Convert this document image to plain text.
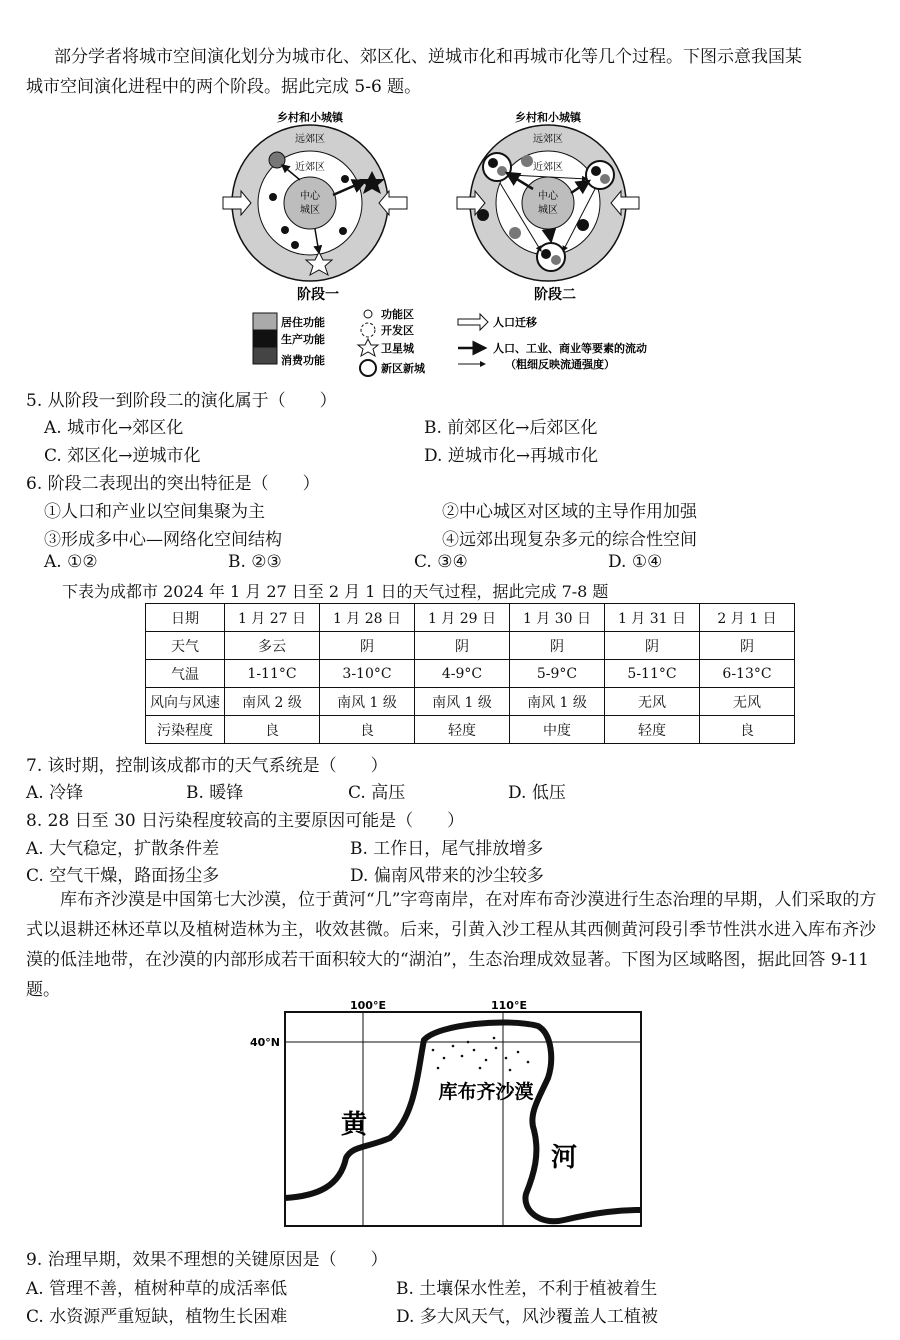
部分学者将城市空间演化划分为城市化、郊区化、逆城市化和再城市化等几个过程。下图示意我国某
城市空间演化进程中的两个阶段。据此完成 5-6 题。
乡村和小城镇
远郊区
近郊区
中心
城区
阶段一
乡村和小城镇
远郊区
近郊区
中心
城区
阶段二
居住功能
生产功能
消费功能
功能区
开发区
卫星城
新区新城
人口迁移
人口、工业、商业等要素的流动
（粗细反映流通强度）
5. 从阶段一到阶段二的演化属于（　　）
A. 城市化→郊区化	B. 前郊区化→后郊区化
C. 郊区化→逆城市化	D. 逆城市化→再城市化
6. 阶段二表现出的突出特征是（　　）
①人口和产业以空间集聚为主	②中心城区对区域的主导作用加强
③形成多中心—网络化空间结构	④远郊出现复杂多元的综合性空间
A. ①②	B. ②③	C. ③④	D. ①④
下表为成都市 2024 年 1 月 27 日至 2 月 1 日的天气过程，据此完成 7-8 题
日期	1 月 27 日	1 月 28 日	1 月 29 日	1 月 30 日	1 月 31 日	2 月 1 日
天气	多云	阴	阴	阴	阴	阴
气温	1-11°C	3-10°C	4-9°C	5-9°C	5-11°C	6-13°C
风向与风速	南风 2 级	南风 1 级	南风 1 级	南风 1 级	无风	无风
污染程度	良	良	轻度	中度	轻度	良
7. 该时期，控制该成都市的天气系统是（　　）
A. 冷锋	B. 暖锋	C. 高压	D. 低压
8. 28 日至 30 日污染程度较高的主要原因可能是（　　）
A. 大气稳定，扩散条件差	B. 工作日，尾气排放增多
C. 空气干燥，路面扬尘多	D. 偏南风带来的沙尘较多
库布齐沙漠是中国第七大沙漠，位于黄河“几”字弯南岸，在对库布奇沙漠进行生态治理的早期，人们采取的方式以退耕还林还草以及植树造林为主，收效甚微。后来，引黄入沙工程从其西侧黄河段引季节性洪水进入库布齐沙漠的低洼地带，在沙漠的内部形成若干面积较大的“湖泊”，生态治理成效显著。下图为区域略图，据此回答 9-11 题。
100°E	110°E
40°N
库布齐沙漠
黄
河
9. 治理早期，效果不理想的关键原因是（　　）
A. 管理不善，植树种草的成活率低	B. 土壤保水性差，不利于植被着生
C. 水资源严重短缺，植物生长困难	D. 多大风天气，风沙覆盖人工植被
